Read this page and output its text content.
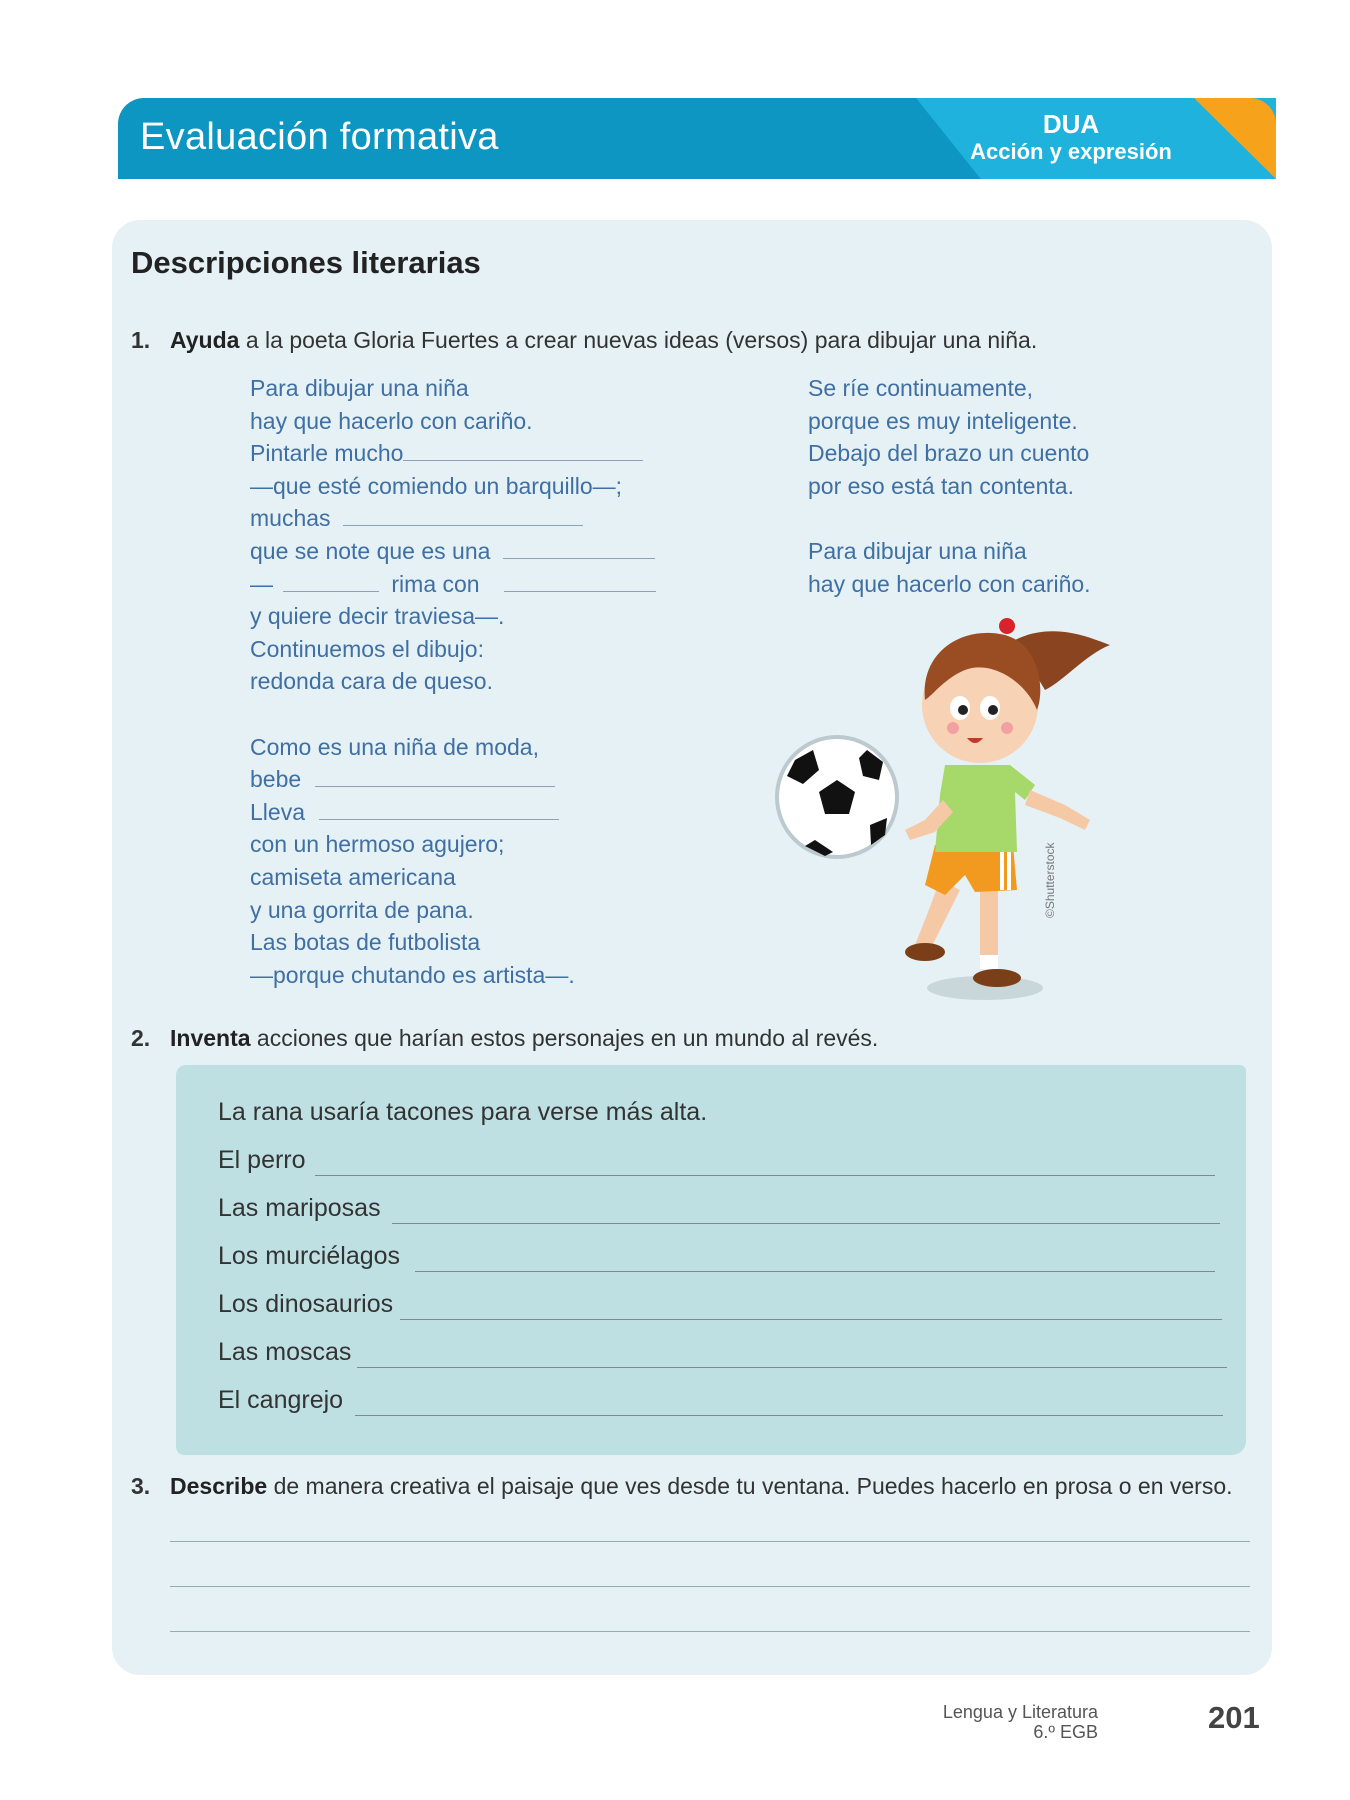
Evaluación formativa	DUA
Acción y expresión
Descripciones literarias
1. Ayuda a la poeta Gloria Fuertes a crear nuevas ideas (versos) para dibujar una niña.
Para dibujar una niña
hay que hacerlo con cariño.
Pintarle mucho
—que esté comiendo un barquillo—;
muchas
que se note que es una
—	rima con
y quiere decir traviesa—.
Continuemos el dibujo:
redonda cara de queso.
Como es una niña de moda,
bebe
Lleva
con un hermoso agujero;
camiseta americana
y una gorrita de pana.
Las botas de futbolista
—porque chutando es artista—.
Se ríe continuamente,
porque es muy inteligente.
Debajo del brazo un cuento
por eso está tan contenta.
Para dibujar una niña
hay que hacerlo con cariño.
©Shutterstock
2. Inventa acciones que harían estos personajes en un mundo al revés.
La rana usaría tacones para verse más alta.
El perro
Las mariposas
Los murciélagos
Los dinosaurios
Las moscas
El cangrejo
3. Describe de manera creativa el paisaje que ves desde tu ventana. Puedes hacerlo en prosa o en verso.
Lengua y Literatura
6.º EGB	201
